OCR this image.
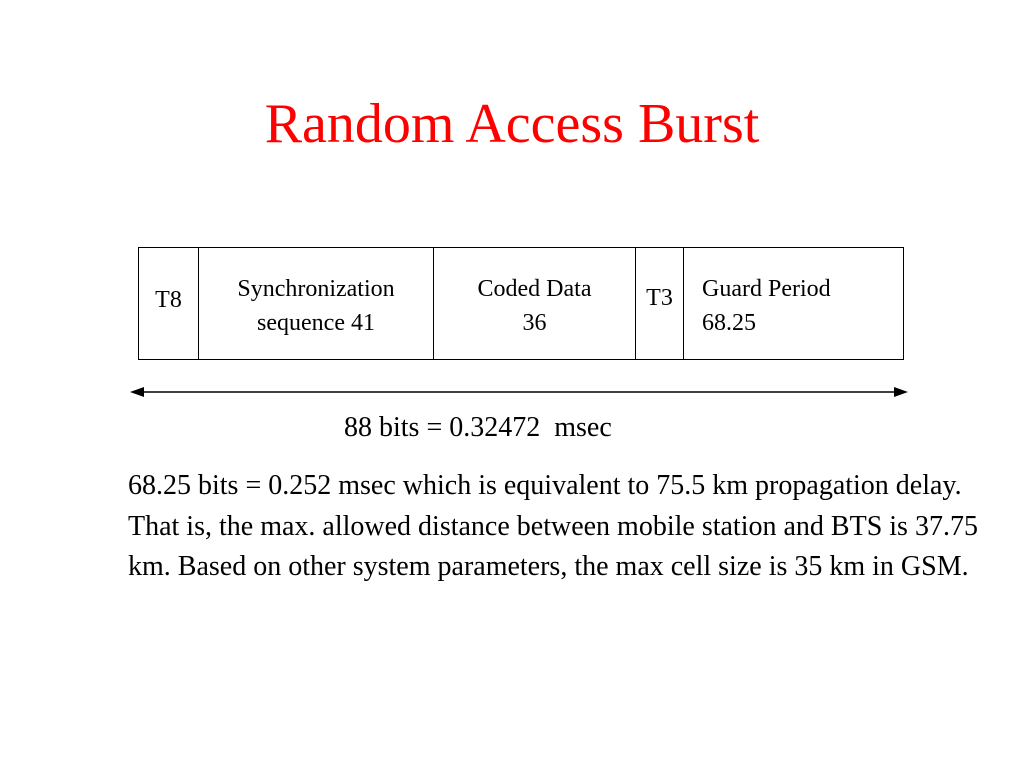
Random Access Burst
T8	Synchronization
sequence 41
Coded Data
36
T3	Guard Period
68.25
88 bits = 0.32472  msec

68.25 bits = 0.252 msec which is equivalent to 75.5 km propagation delay.

That is, the max. allowed distance between mobile station and BTS is 37.75 km. Based on other system parameters, the max cell size is 35 km in GSM.
